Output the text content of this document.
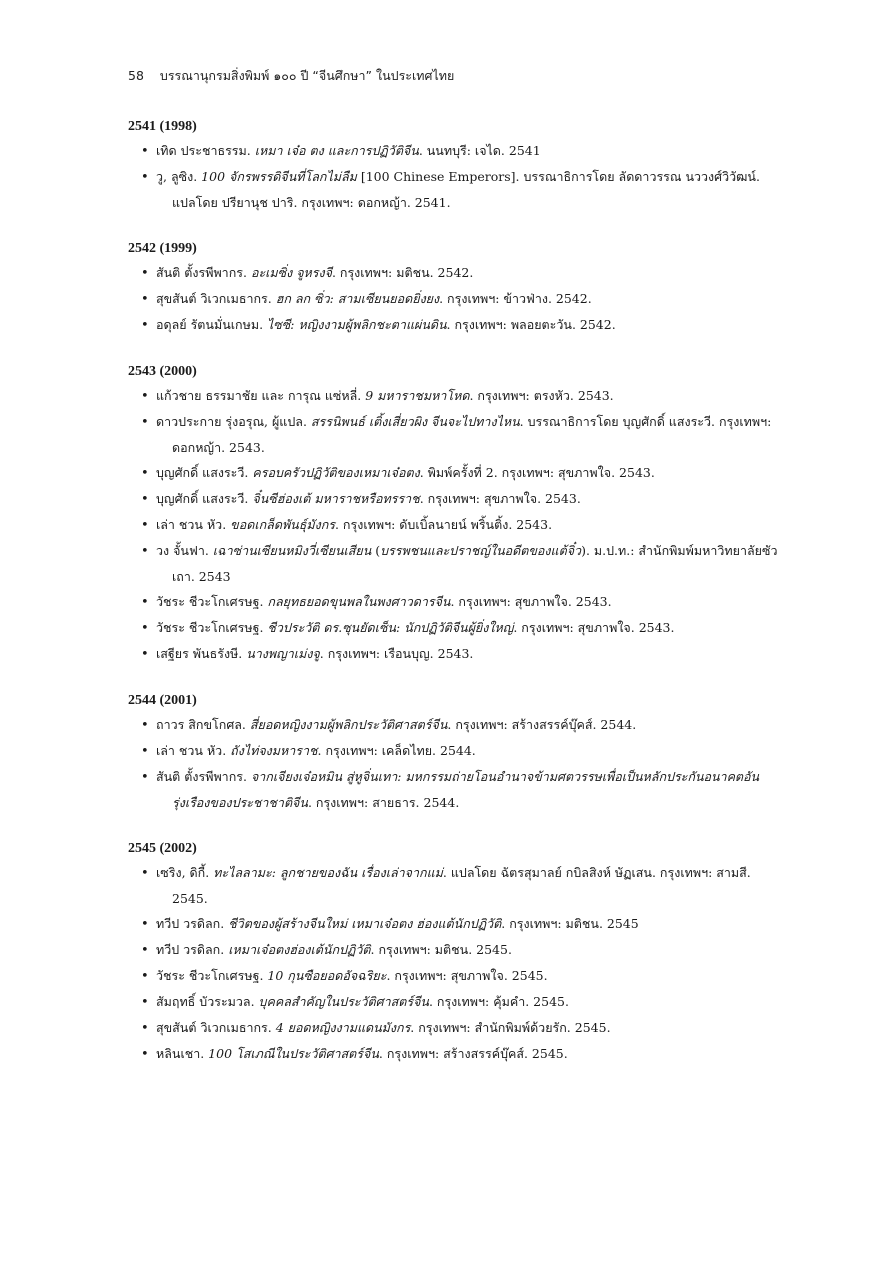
58 บรรณานุกรมสิ่งพิมพ์ ๑๐๐ ปี “จีนศึกษา” ในประเทศไทย
2541 (1998)
• เทิด ประชาธรรม. เหมา เจ๋อ ตง และการปฏิวัติจีน. นนทบุรี: เจได. 2541
• วู, ลูซิง. 100 จักรพรรดิจีนที่โลกไม่ลืม [100 Chinese Emperors]. บรรณาธิการโดย ลัดดาวรรณ นววงศ์วิวัฒน์. แปลโดย ปรียานุช ปาริ. กรุงเทพฯ: ดอกหญ้า. 2541.
2542 (1999)
• สันติ ตั้งรพีพากร. อะเมซิ่ง จูหรงจี. กรุงเทพฯ: มติชน. 2542.
• สุขสันต์ วิเวกเมธากร. ฮก ลก ซิ่ว: สามเซียนยอดยิ่งยง. กรุงเทพฯ: ข้าวฟ่าง. 2542.
• อดุลย์ รัตนมั่นเกษม. ไซซี: หญิงงามผู้พลิกชะตาแผ่นดิน. กรุงเทพฯ: พลอยตะวัน. 2542.
2543 (2000)
• แก้วชาย ธรรมาชัย และ การุณ แซ่หลี่. 9 มหาราชมหาโหด. กรุงเทพฯ: ตรงหัว. 2543.
• ดาวประกาย รุ่งอรุณ, ผู้แปล. สรรนิพนธ์ เติ้งเสี่ยวผิง จีนจะไปทางไหน. บรรณาธิการโดย บุญศักดิ์ แสงระวี. กรุงเทพฯ: ดอกหญ้า. 2543.
• บุญศักดิ์ แสงระวี. ครอบครัวปฏิวัติของเหมาเจ๋อตง. พิมพ์ครั้งที่ 2. กรุงเทพฯ: สุขภาพใจ. 2543.
• บุญศักดิ์ แสงระวี. จิ๋นซีฮ่องเต้ มหาราชหรือทรราช. กรุงเทพฯ: สุขภาพใจ. 2543.
• เล่า ชวน หัว. ขอดเกล็ดพันธุ์มังกร. กรุงเทพฯ: ดับเบิ้ลนายน์ พริ้นติ้ง. 2543.
• วง จั้นฟา. เฉาซ่านเซียนหมิงวี่เซียนเสียน (บรรพชนและปราชญ์ในอดีตของแต้จิ๋ว). ม.ป.ท.: สำนักพิมพ์มหาวิทยาลัยซัวเถา. 2543
• วัชระ ชีวะโกเศรษฐ. กลยุทธยอดขุนพลในพงศาวดารจีน. กรุงเทพฯ: สุขภาพใจ. 2543.
• วัชระ ชีวะโกเศรษฐ. ชีวประวัติ ดร.ซุนยัดเซ็น: นักปฏิวัติจีนผู้ยิ่งใหญ่. กรุงเทพฯ: สุขภาพใจ. 2543.
• เสฐียร พันธรังษี. นางพญาเม่งจู. กรุงเทพฯ: เรือนบุญ. 2543.
2544 (2001)
• ถาวร สิกขโกศล. สี่ยอดหญิงงามผู้พลิกประวัติศาสตร์จีน. กรุงเทพฯ: สร้างสรรค์บุ๊คส์. 2544.
• เล่า ชวน หัว. ถังไท่จงมหาราช. กรุงเทพฯ: เคล็ดไทย. 2544.
• สันติ ตั้งรพีพากร. จากเจียงเจ๋อหมิน สู่หูจิ่นเทา: มหกรรมถ่ายโอนอำนาจข้ามศตวรรษเพื่อเป็นหลักประกันอนาคตอันรุ่งเรืองของประชาชาติจีน. กรุงเทพฯ: สายธาร. 2544.
2545 (2002)
• เซริง, ดิกี้. ทะไลลามะ: ลูกชายของฉัน เรื่องเล่าจากแม่. แปลโดย ฉัตรสุมาลย์ กบิลสิงห์ ษัฏเสน. กรุงเทพฯ: สามสี. 2545.
• ทวีป วรดิลก. ชีวิตของผู้สร้างจีนใหม่ เหมาเจ๋อตง ฮ่องแต้นักปฏิวัติ. กรุงเทพฯ: มติชน. 2545
• ทวีป วรดิลก. เหมาเจ๋อตงฮ่องเต้นักปฏิวัติ. กรุงเทพฯ: มติชน. 2545.
• วัชระ ชีวะโกเศรษฐ. 10 กุนซือยอดอัจฉริยะ. กรุงเทพฯ: สุขภาพใจ. 2545.
• สัมฤทธิ์ บัวระมวล. บุคคลสำคัญในประวัติศาสตร์จีน. กรุงเทพฯ: คุ้มคำ. 2545.
• สุขสันต์ วิเวกเมธากร. 4 ยอดหญิงงามแดนมังกร. กรุงเทพฯ: สำนักพิมพ์ด้วยรัก. 2545.
• หลินเชา. 100 โสเภณีในประวัติศาสตร์จีน. กรุงเทพฯ: สร้างสรรค์บุ๊คส์. 2545.
